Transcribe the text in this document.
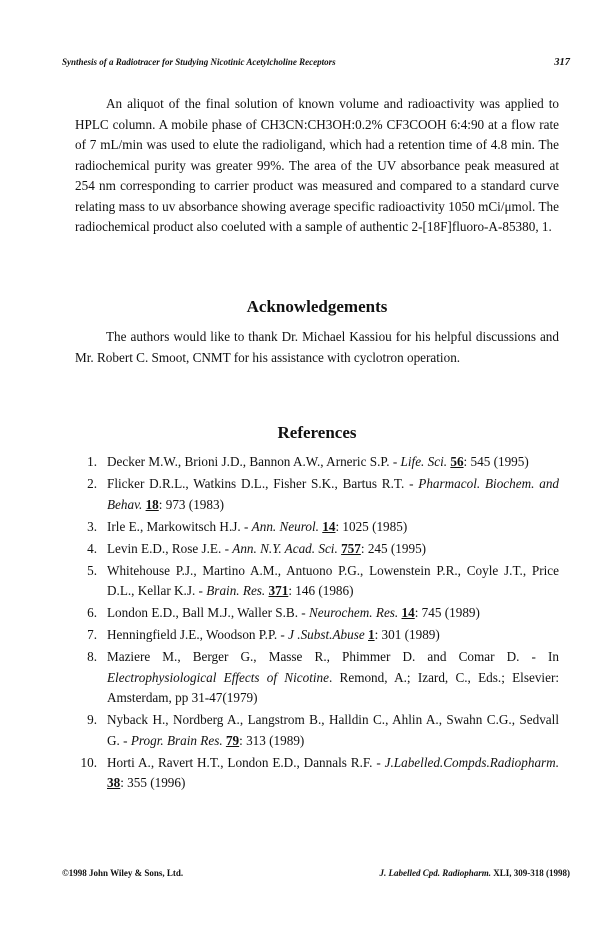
Synthesis of a Radiotracer for Studying Nicotinic Acetylcholine Receptors	317

An aliquot of the final solution of known volume and radioactivity was applied to HPLC column. A mobile phase of CH3CN:CH3OH:0.2% CF3COOH 6:4:90 at a flow rate of 7 mL/min was used to elute the radioligand, which had a retention time of 4.8 min. The radiochemical purity was greater 99%. The area of the UV absorbance peak measured at 254 nm corresponding to carrier product was measured and compared to a standard curve relating mass to uv absorbance showing average specific radioactivity 1050 mCi/μmol. The radiochemical product also coeluted with a sample of authentic 2-[18F]fluoro-A-85380, 1.

Acknowledgements

The authors would like to thank Dr. Michael Kassiou for his helpful discussions and Mr. Robert C. Smoot, CNMT for his assistance with cyclotron operation.

References
1. Decker M.W., Brioni J.D., Bannon A.W., Arneric S.P. - Life. Sci. 56: 545 (1995)
2. Flicker D.R.L., Watkins D.L., Fisher S.K., Bartus R.T. - Pharmacol. Biochem. and Behav. 18: 973 (1983)
3. Irle E., Markowitsch H.J. - Ann. Neurol. 14: 1025 (1985)
4. Levin E.D., Rose J.E. - Ann. N.Y. Acad. Sci. 757: 245 (1995)
5. Whitehouse P.J., Martino A.M., Antuono P.G., Lowenstein P.R., Coyle J.T., Price D.L., Kellar K.J. - Brain. Res. 371: 146 (1986)
6. London E.D., Ball M.J., Waller S.B. - Neurochem. Res. 14: 745 (1989)
7. Henningfield J.E., Woodson P.P. - J .Subst.Abuse 1: 301 (1989)
8. Maziere M., Berger G., Masse R., Phimmer D. and Comar D. - In Electrophysiological Effects of Nicotine. Remond, A.; Izard, C., Eds.; Elsevier: Amsterdam, pp 31-47(1979)
9. Nyback H., Nordberg A., Langstrom B., Halldin C., Ahlin A., Swahn C.G., Sedvall G. - Progr. Brain Res. 79: 313 (1989)
10. Horti A., Ravert H.T., London E.D., Dannals R.F. - J.Labelled.Compds.Radiopharm. 38: 355 (1996)
©1998 John Wiley & Sons, Ltd.	J. Labelled Cpd. Radiopharm. XLI, 309-318 (1998)
